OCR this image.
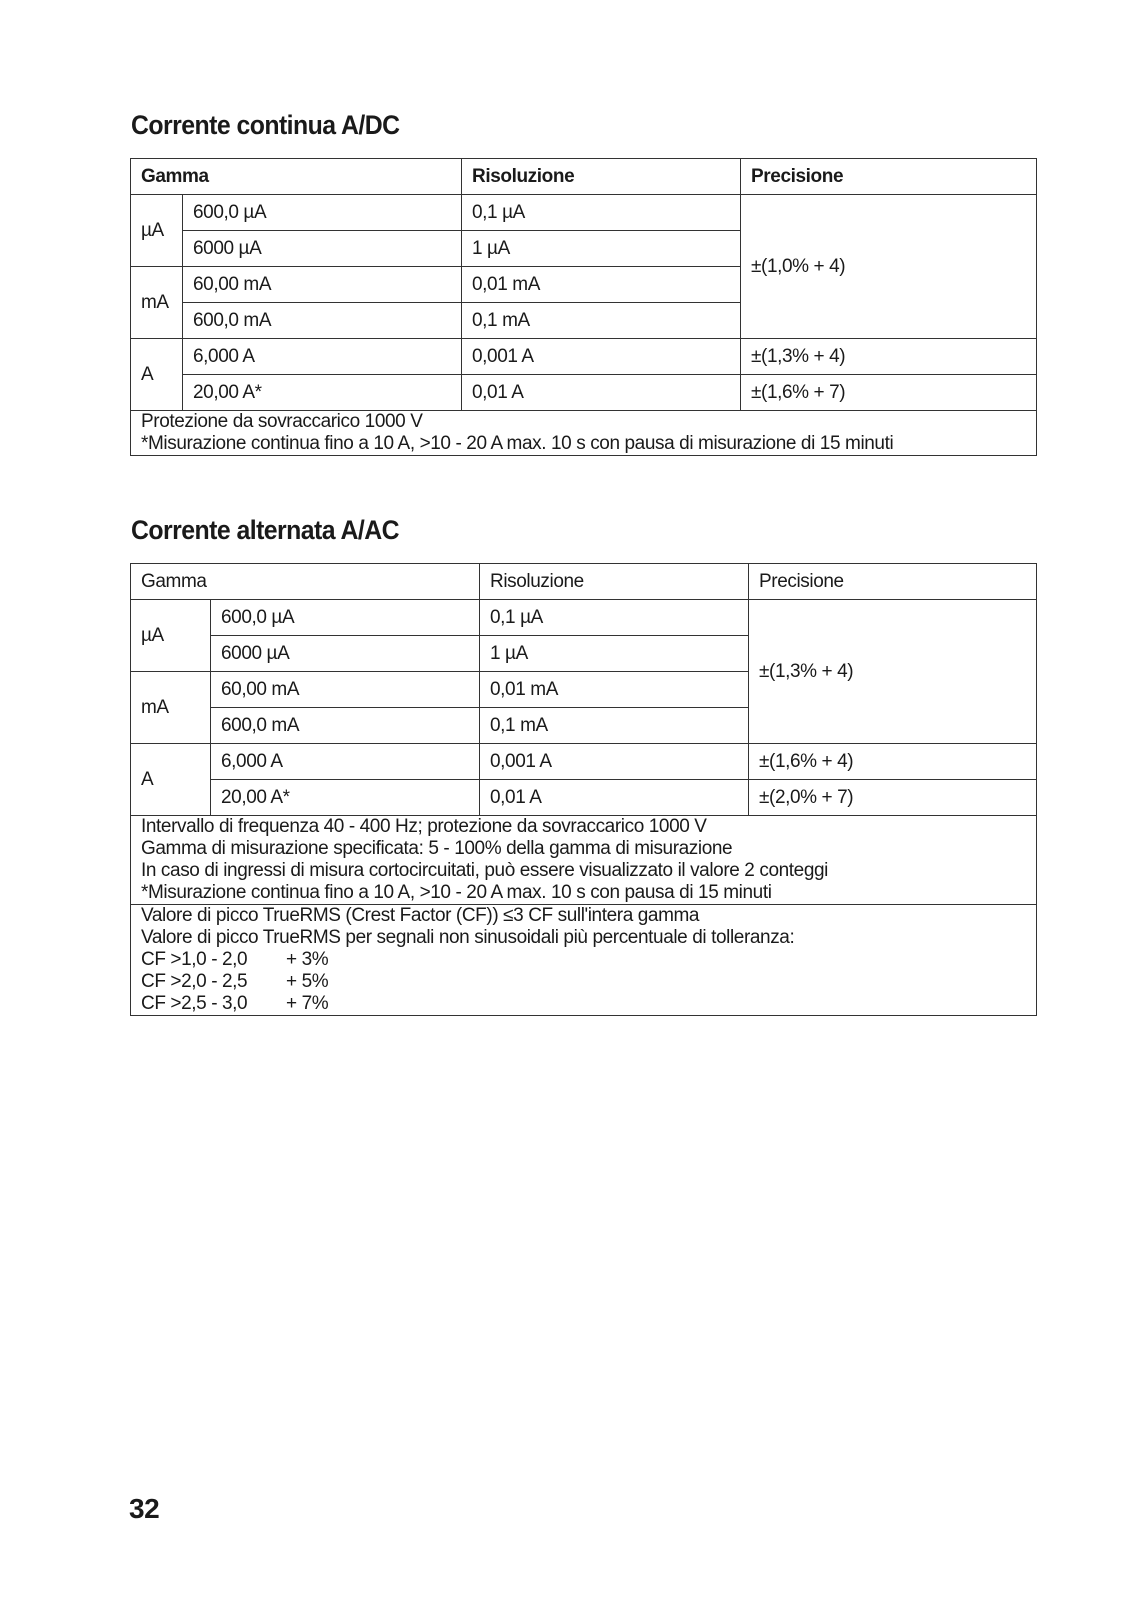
Corrente continua A/DC
Gamma		Risoluzione	Precisione
µA	600,0 µA	0,1 µA	±(1,0% + 4)
	6000 µA	1 µA	
mA	60,00 mA	0,01 mA	
	600,0 mA	0,1 mA	
A	6,000 A	0,001 A	±(1,3% + 4)
	20,00 A*	0,01 A	±(1,6% + 7)

Protezione da sovraccarico 1000 V
*Misurazione continua fino a 10 A, >10 - 20 A max. 10 s con pausa di misurazione di 15 minuti			
Corrente alternata A/AC
Gamma		Risoluzione	Precisione
µA	600,0 µA	0,1 µA	±(1,3% + 4)
	6000 µA	1 µA	
mA	60,00 mA	0,01 mA	
	600,0 mA	0,1 mA	
A	6,000 A	0,001 A	±(1,6% + 4)
	20,00 A*	0,01 A	±(2,0% + 7)

Intervallo di frequenza 40 - 400 Hz; protezione da sovraccarico 1000 V
Gamma di misurazione specificata: 5 - 100% della gamma di misurazione
In caso di ingressi di misura cortocircuitati, può essere visualizzato il valore 2 conteggi
*Misurazione continua fino a 10 A, >10 - 20 A max. 10 s con pausa di 15 minuti			

Valore di picco TrueRMS (Crest Factor (CF)) ≤3 CF sull'intera gamma
Valore di picco TrueRMS per segnali non sinusoidali più percentuale di tolleranza:
CF >1,0 - 2,0 + 3%
CF >2,0 - 2,5 + 5%
CF >2,5 - 3,0 + 7%			
32
